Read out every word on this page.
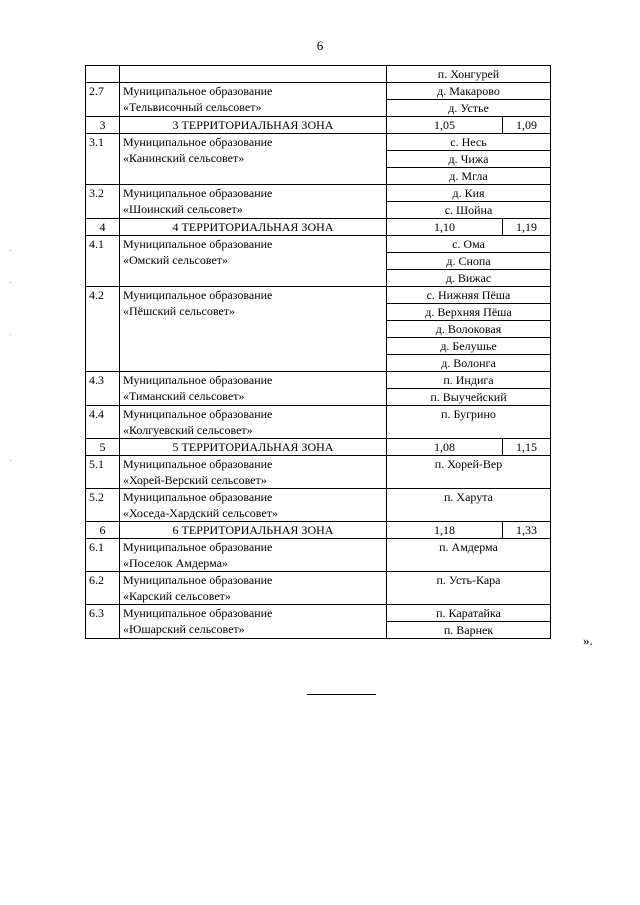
6
		п. Хонгурей	
2.7	Муниципальное образование
«Тельвисочный сельсовет»	д. Макарово	
		д. Устье	
3	3 ТЕРРИТОРИАЛЬНАЯ ЗОНА	1,05	1,09
3.1	Муниципальное образование
«Канинский сельсовет»	с. Несь	
		д. Чижа	
		д. Мгла	
3.2	Муниципальное образование
«Шоинский сельсовет»	д. Кия	
		с. Шойна	
4	4 ТЕРРИТОРИАЛЬНАЯ ЗОНА	1,10	1,19
4.1	Муниципальное образование
«Омский сельсовет»	с. Ома	
		д. Снопа	
		д. Вижас	
4.2	Муниципальное образование
«Пёшский сельсовет»	с. Нижняя Пёша	
		д. Верхняя Пёша	
		д. Волоковая	
		д. Белушье	
		д. Волонга	
4.3	Муниципальное образование
«Тиманский сельсовет»	п. Индига	
		п. Выучейский	
4.4	Муниципальное образование
«Колгуевский сельсовет»	п. Бугрино	

5	5 ТЕРРИТОРИАЛЬНАЯ ЗОНА	1,08	1,15
5.1	Муниципальное образование
«Хорей-Верский сельсовет»	п. Хорей-Вер	

5.2	Муниципальное образование
«Хоседа-Хардский сельсовет»	п. Харута	

6	6 ТЕРРИТОРИАЛЬНАЯ ЗОНА	1,18	1,33
6.1	Муниципальное образование
«Поселок Амдерма»	п. Амдерма	

6.2	Муниципальное образование
«Карский сельсовет»	п. Усть-Кара	

6.3	Муниципальное образование
«Юшарский сельсовет»	п. Каратайка	
		п. Варнек	
».
